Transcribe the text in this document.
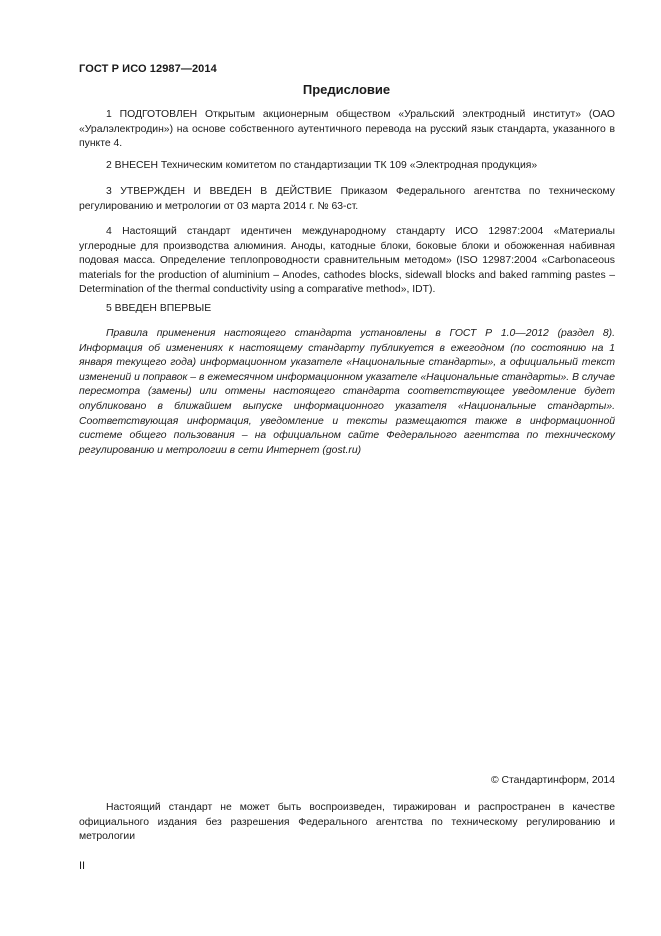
ГОСТ Р ИСО 12987—2014
Предисловие

1 ПОДГОТОВЛЕН Открытым акционерным обществом «Уральский электродный институт» (ОАО «Уралэлектродин») на основе собственного аутентичного перевода на русский язык стандарта, указанного в пункте 4.

2 ВНЕСЕН Техническим комитетом по стандартизации ТК 109 «Электродная продукция»

3 УТВЕРЖДЕН И ВВЕДЕН В ДЕЙСТВИЕ Приказом Федерального агентства по техническому регулированию и метрологии от 03 марта 2014 г. № 63-ст.

4 Настоящий стандарт идентичен международному стандарту ИСО 12987:2004 «Материалы углеродные для производства алюминия. Аноды, катодные блоки, боковые блоки и обожженная набивная подовая масса. Определение теплопроводности сравнительным методом» (ISO 12987:2004 «Carbonaceous materials for the production of aluminium – Anodes, cathodes blocks, sidewall blocks and baked ramming pastes – Determination of the thermal conductivity using a comparative method», IDT).

5 ВВЕДЕН ВПЕРВЫЕ

Правила применения настоящего стандарта установлены в ГОСТ Р 1.0—2012 (раздел 8). Информация об изменениях к настоящему стандарту публикуется в ежегодном (по состоянию на 1 января текущего года) информационном указателе «Национальные стандарты», а официальный текст изменений и поправок – в ежемесячном информационном указателе «Национальные стандарты». В случае пересмотра (замены) или отмены настоящего стандарта соответствующее уведомление будет опубликовано в ближайшем выпуске информационного указателя «Национальные стандарты». Соответствующая информация, уведомление и тексты размещаются также в информационной системе общего пользования – на официальном сайте Федерального агентства по техническому регулированию и метрологии в сети Интернет (gost.ru)

© Стандартинформ, 2014

Настоящий стандарт не может быть воспроизведен, тиражирован и распространен в качестве официального издания без разрешения Федерального агентства по техническому регулированию и метрологии

II
